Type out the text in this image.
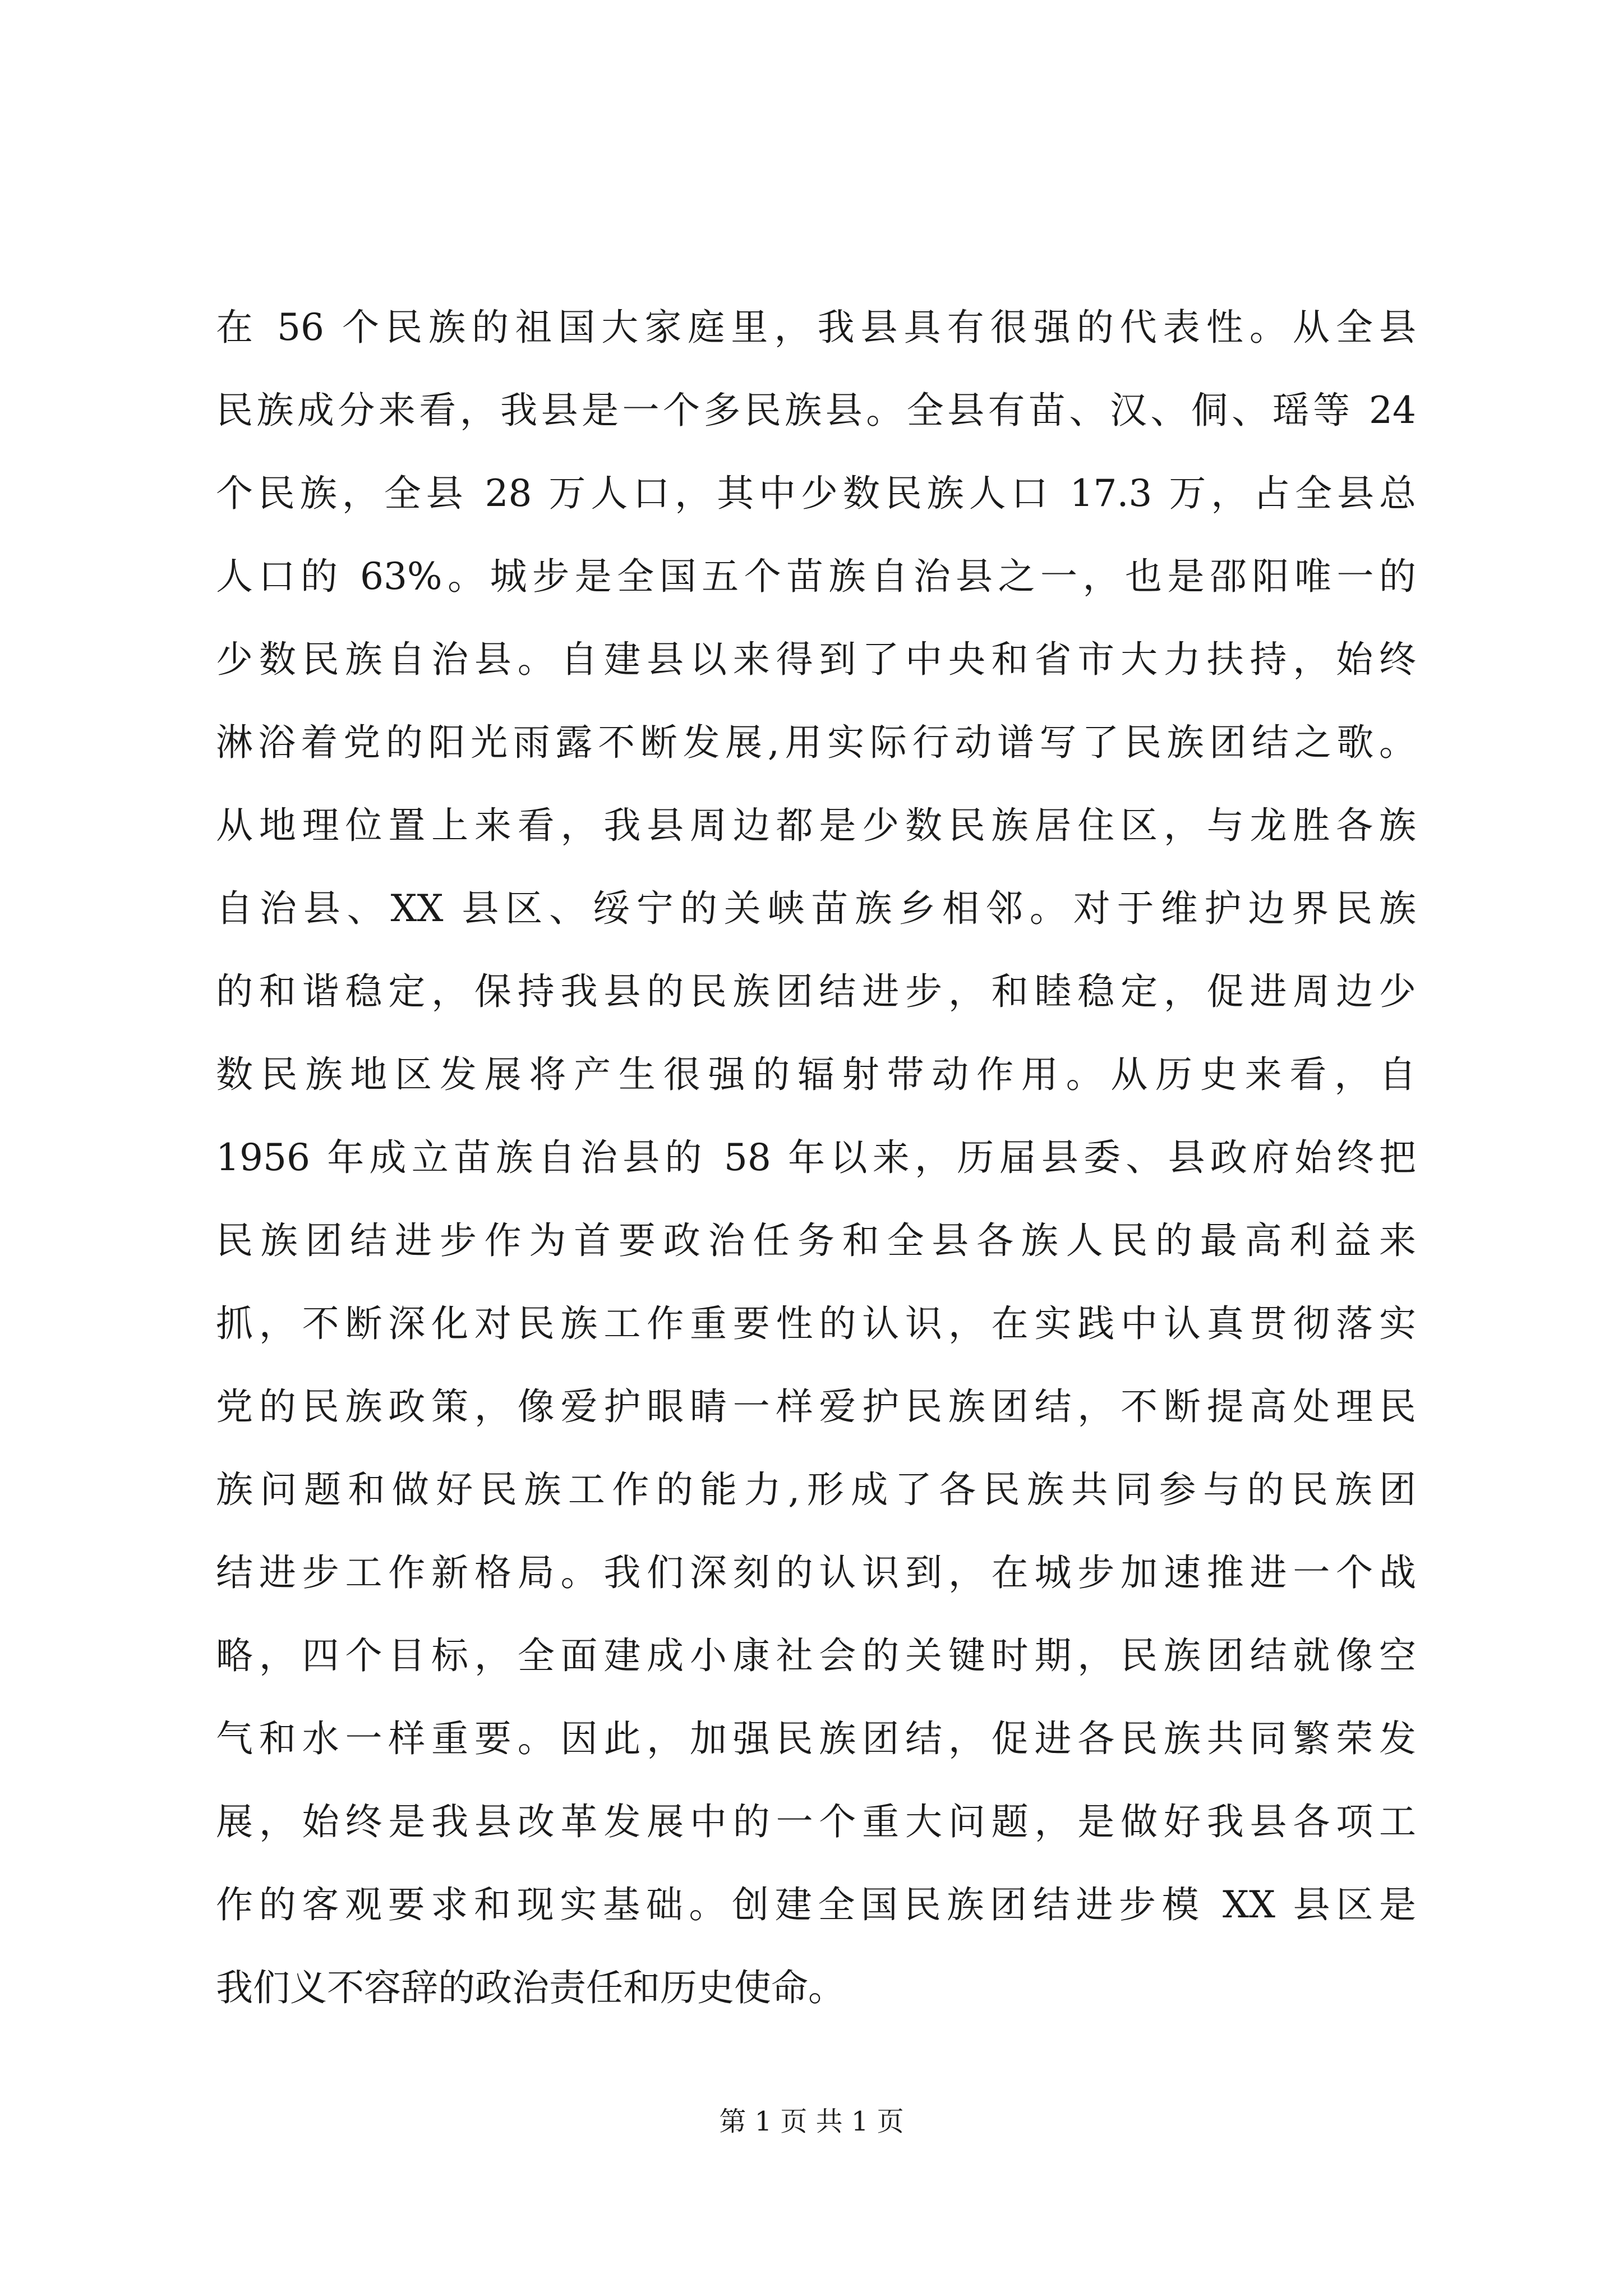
在 56 个民族的祖国大家庭里，我县具有很强的代表性。从全县
民族成分来看，我县是一个多民族县。全县有苗、汉、侗、瑶等 24
个民族，全县 28 万人口，其中少数民族人口 17.3 万，占全县总
人口的 63%。城步是全国五个苗族自治县之一，也是邵阳唯一的
少数民族自治县。自建县以来得到了中央和省市大力扶持，始终
淋浴着党的阳光雨露不断发展,用实际行动谱写了民族团结之歌。
从地理位置上来看，我县周边都是少数民族居住区，与龙胜各族
自治县、XX 县区、绥宁的关峡苗族乡相邻。对于维护边界民族
的和谐稳定，保持我县的民族团结进步，和睦稳定，促进周边少
数民族地区发展将产生很强的辐射带动作用。从历史来看，自
1956 年成立苗族自治县的 58 年以来，历届县委、县政府始终把
民族团结进步作为首要政治任务和全县各族人民的最高利益来
抓，不断深化对民族工作重要性的认识，在实践中认真贯彻落实
党的民族政策，像爱护眼睛一样爱护民族团结，不断提高处理民
族问题和做好民族工作的能力,形成了各民族共同参与的民族团
结进步工作新格局。我们深刻的认识到，在城步加速推进一个战
略，四个目标，全面建成小康社会的关键时期，民族团结就像空
气和水一样重要。因此，加强民族团结，促进各民族共同繁荣发
展，始终是我县改革发展中的一个重大问题，是做好我县各项工
作的客观要求和现实基础。创建全国民族团结进步模 XX 县区是
我们义不容辞的政治责任和历史使命。
第 1 页 共 1 页
